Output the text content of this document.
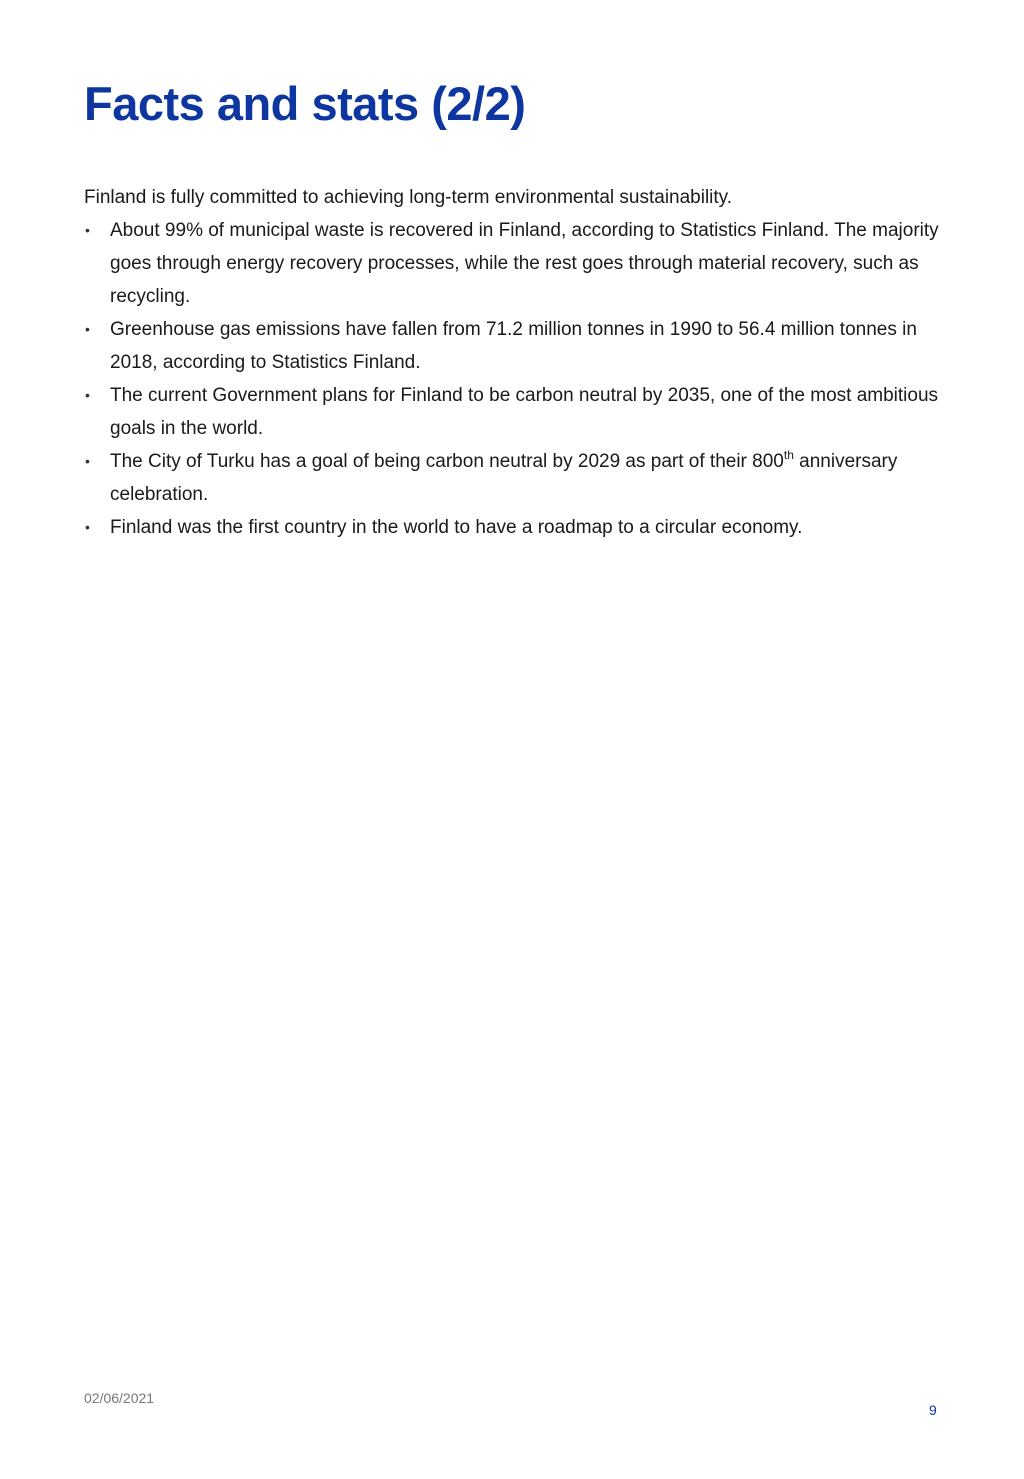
Facts and stats (2/2)

Finland is fully committed to achieving long-term environmental sustainability.

• About 99% of municipal waste is recovered in Finland, according to Statistics Finland. The majority goes through energy recovery processes, while the rest goes through material recovery, such as recycling.
• Greenhouse gas emissions have fallen from 71.2 million tonnes in 1990 to 56.4 million tonnes in 2018, according to Statistics Finland.
• The current Government plans for Finland to be carbon neutral by 2035, one of the most ambitious goals in the world.
• The City of Turku has a goal of being carbon neutral by 2029 as part of their 800th anniversary celebration.
• Finland was the first country in the world to have a roadmap to a circular economy.
02/06/2021
9
